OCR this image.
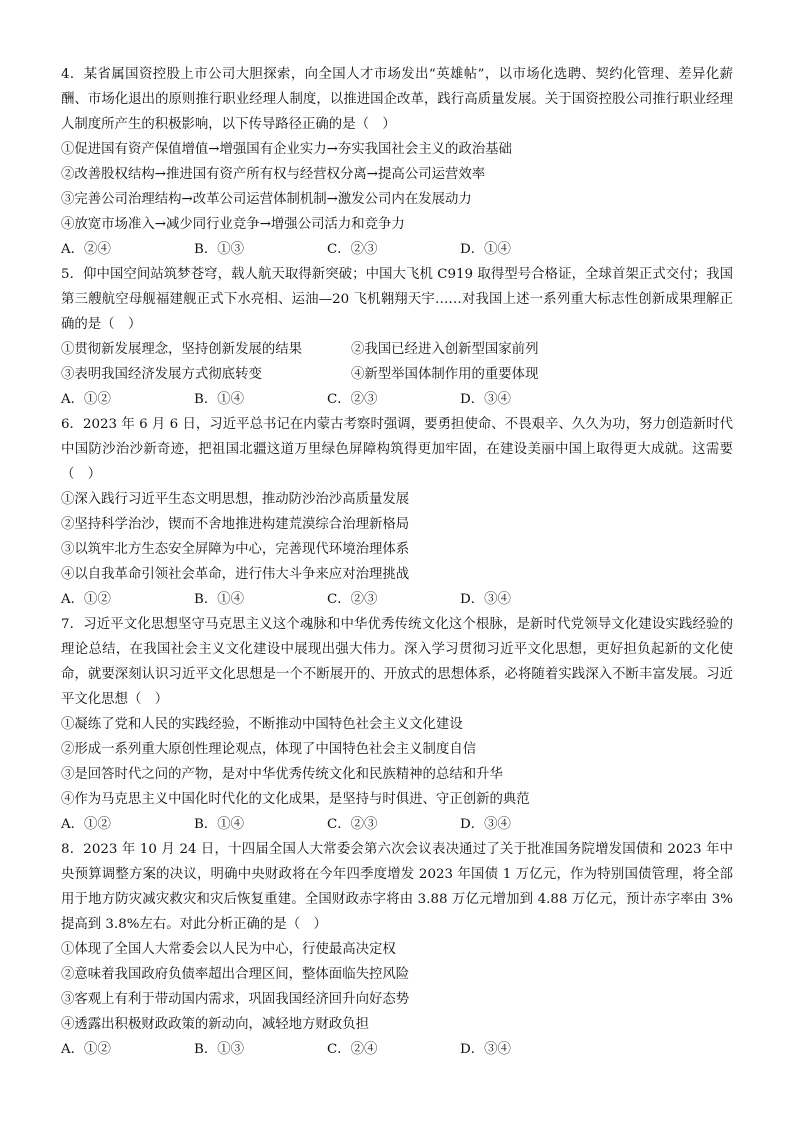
4．某省属国资控股上市公司大胆探索，向全国人才市场发出“英雄帖”，以市场化选聘、契约化管理、差异化薪酬、市场化退出的原则推行职业经理人制度，以推进国企改革，践行高质量发展。关于国资控股公司推行职业经理人制度所产生的积极影响，以下传导路径正确的是（　）

①促进国有资产保值增值→增强国有企业实力→夯实我国社会主义的政治基础

②改善股权结构→推进国有资产所有权与经营权分离→提高公司运营效率

③完善公司治理结构→改革公司运营体制机制→激发公司内在发展动力

④放宽市场准入→减少同行业竞争→增强公司活力和竞争力

A．②④	B．①③	C．②③	D．①④

5．仰中国空间站筑梦苍穹，载人航天取得新突破；中国大飞机 C919 取得型号合格证，全球首架正式交付；我国第三艘航空母舰福建舰正式下水亮相、运油—20 飞机翱翔天宇……对我国上述一系列重大标志性创新成果理解正确的是（　）

①贯彻新发展理念，坚持创新发展的结果	②我国已经进入创新型国家前列
③表明我国经济发展方式彻底转变	④新型举国体制作用的重要体现
A．①②	B．①④	C．②③	D．③④

6．2023 年 6 月 6 日，习近平总书记在内蒙古考察时强调，要勇担使命、不畏艰辛、久久为功，努力创造新时代中国防沙治沙新奇迹，把祖国北疆这道万里绿色屏障构筑得更加牢固，在建设美丽中国上取得更大成就。这需要（　）

①深入践行习近平生态文明思想，推动防沙治沙高质量发展

②坚持科学治沙，锲而不舍地推进构建荒漠综合治理新格局

③以筑牢北方生态安全屏障为中心，完善现代环境治理体系

④以自我革命引领社会革命，进行伟大斗争来应对治理挑战

A．①②	B．①④	C．②③	D．③④

7．习近平文化思想坚守马克思主义这个魂脉和中华优秀传统文化这个根脉，是新时代党领导文化建设实践经验的理论总结，在我国社会主义文化建设中展现出强大伟力。深入学习贯彻习近平文化思想，更好担负起新的文化使命，就要深刻认识习近平文化思想是一个不断展开的、开放式的思想体系，必将随着实践深入不断丰富发展。习近平文化思想（　）

①凝练了党和人民的实践经验，不断推动中国特色社会主义文化建设

②形成一系列重大原创性理论观点，体现了中国特色社会主义制度自信

③是回答时代之问的产物，是对中华优秀传统文化和民族精神的总结和升华

④作为马克思主义中国化时代化的文化成果，是坚持与时俱进、守正创新的典范

A．①②	B．①④	C．②③	D．③④

8．2023 年 10 月 24 日，十四届全国人大常委会第六次会议表决通过了关于批准国务院增发国债和 2023 年中央预算调整方案的决议，明确中央财政将在今年四季度增发 2023 年国债 1 万亿元，作为特别国债管理，将全部用于地方防灾减灾救灾和灾后恢复重建。全国财政赤字将由 3.88 万亿元增加到 4.88 万亿元，预计赤字率由 3%提高到 3.8%左右。对此分析正确的是（　）

①体现了全国人大常委会以人民为中心，行使最高决定权

②意味着我国政府负债率超出合理区间，整体面临失控风险

③客观上有利于带动国内需求，巩固我国经济回升向好态势

④透露出积极财政政策的新动向，减轻地方财政负担

A．①②	B．①③	C．②④	D．③④
